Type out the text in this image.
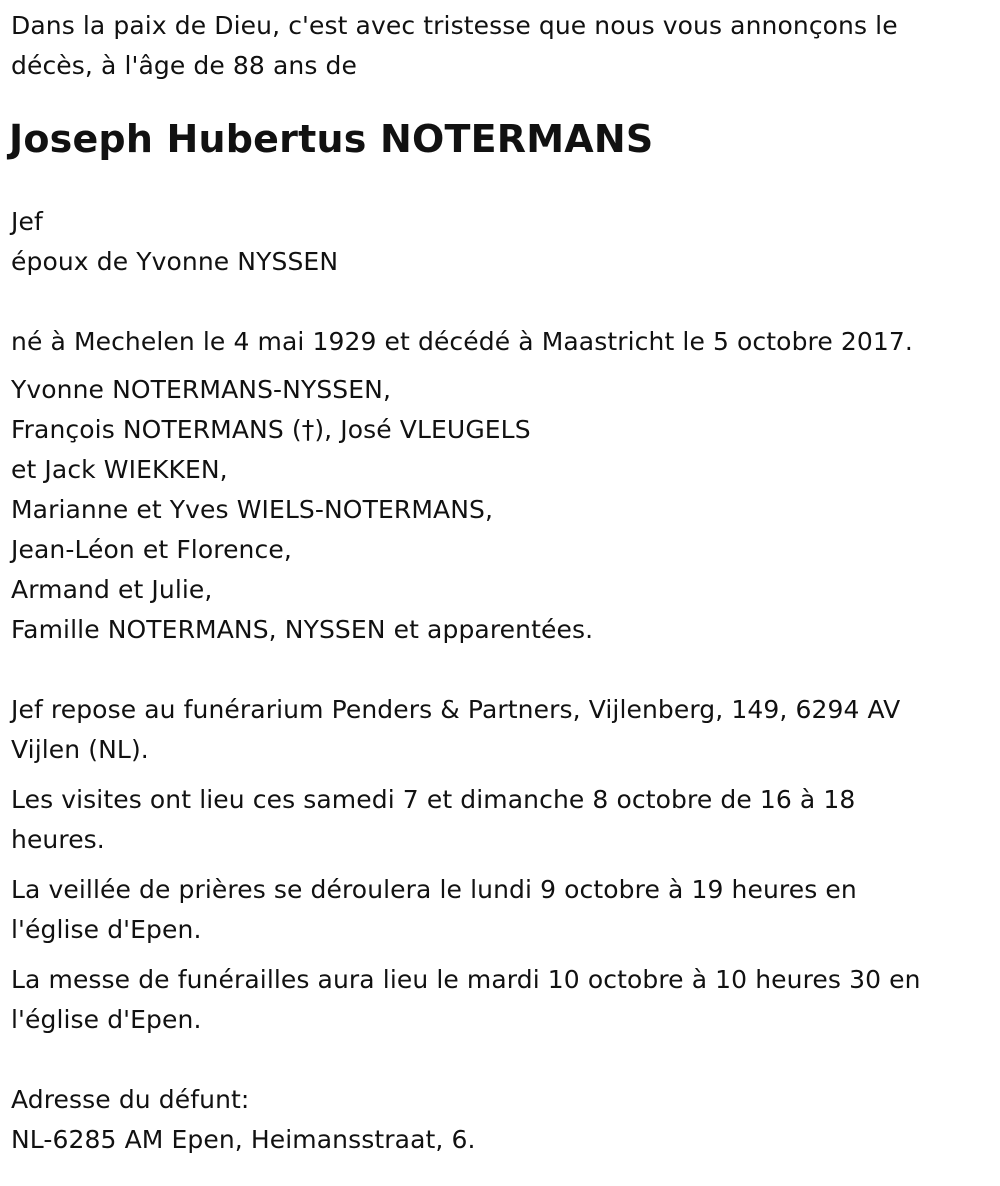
Dans la paix de Dieu, c'est avec tristesse que nous vous annonçons le
décès, à l'âge de 88 ans de
Joseph Hubertus NOTERMANS
Jef
époux de Yvonne NYSSEN
né à Mechelen le 4 mai 1929 et décédé à Maastricht le 5 octobre 2017.
Yvonne NOTERMANS-NYSSEN,
François NOTERMANS (†), José VLEUGELS
et Jack WIEKKEN,
Marianne et Yves WIELS-NOTERMANS,
Jean-Léon et Florence,
Armand et Julie,
Famille NOTERMANS, NYSSEN et apparentées.
Jef repose au funérarium Penders & Partners, Vijlenberg, 149, 6294 AV
Vijlen (NL).
Les visites ont lieu ces samedi 7 et dimanche 8 octobre de 16 à 18
heures.
La veillée de prières se déroulera le lundi 9 octobre à 19 heures en
l'église d'Epen.
La messe de funérailles aura lieu le mardi 10 octobre à 10 heures 30 en
l'église d'Epen.
Adresse du défunt:
NL-6285 AM Epen, Heimansstraat, 6.
